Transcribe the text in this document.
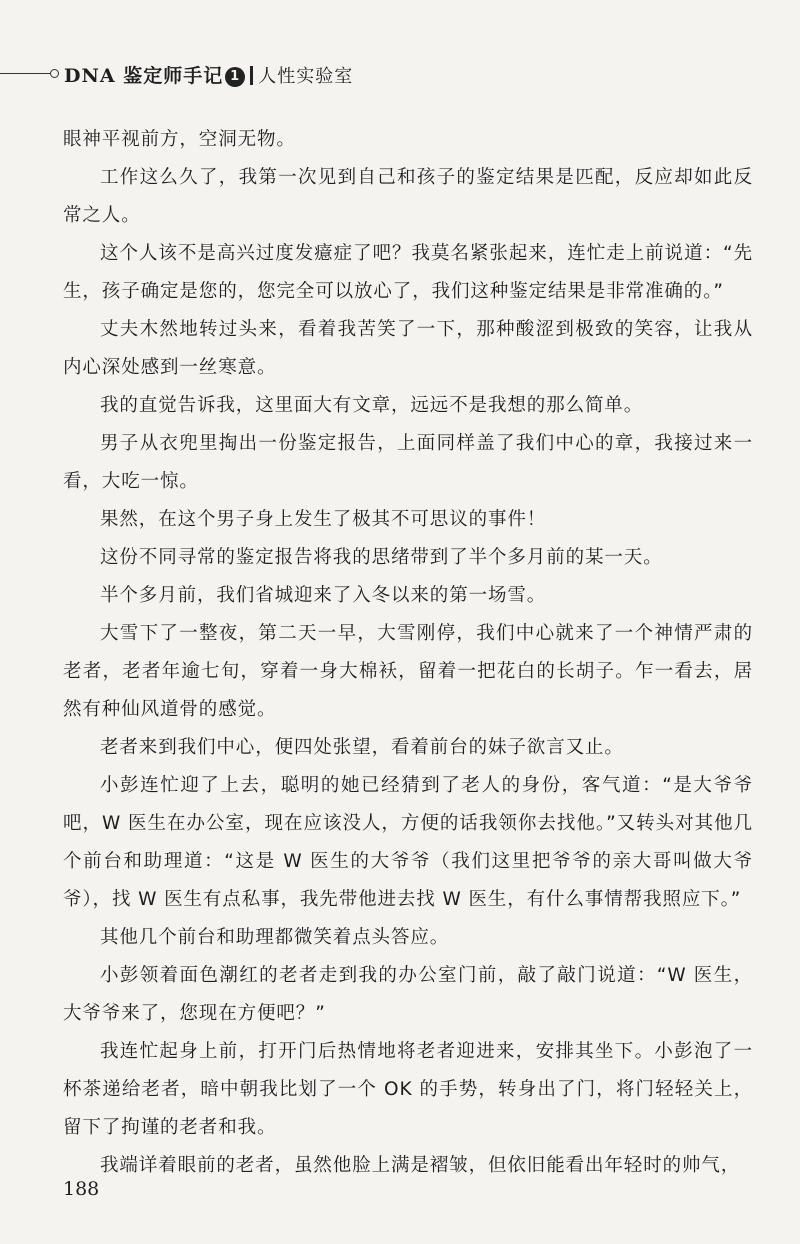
DNA 鉴定师手记 1 人性实验室

眼神平视前方，空洞无物。

工作这么久了，我第一次见到自己和孩子的鉴定结果是匹配，反应却如此反常之人。

这个人该不是高兴过度发癔症了吧？我莫名紧张起来，连忙走上前说道：“先生，孩子确定是您的，您完全可以放心了，我们这种鉴定结果是非常准确的。”

丈夫木然地转过头来，看着我苦笑了一下，那种酸涩到极致的笑容，让我从内心深处感到一丝寒意。

我的直觉告诉我，这里面大有文章，远远不是我想的那么简单。

男子从衣兜里掏出一份鉴定报告，上面同样盖了我们中心的章，我接过来一看，大吃一惊。

果然，在这个男子身上发生了极其不可思议的事件！

这份不同寻常的鉴定报告将我的思绪带到了半个多月前的某一天。

半个多月前，我们省城迎来了入冬以来的第一场雪。

大雪下了一整夜，第二天一早，大雪刚停，我们中心就来了一个神情严肃的老者，老者年逾七旬，穿着一身大棉袄，留着一把花白的长胡子。乍一看去，居然有种仙风道骨的感觉。

老者来到我们中心，便四处张望，看着前台的妹子欲言又止。

小彭连忙迎了上去，聪明的她已经猜到了老人的身份，客气道：“是大爷爷吧，W 医生在办公室，现在应该没人，方便的话我领你去找他。”又转头对其他几个前台和助理道：“这是 W 医生的大爷爷（我们这里把爷爷的亲大哥叫做大爷爷），找 W 医生有点私事，我先带他进去找 W 医生，有什么事情帮我照应下。”

其他几个前台和助理都微笑着点头答应。

小彭领着面色潮红的老者走到我的办公室门前，敲了敲门说道：“W 医生，大爷爷来了，您现在方便吧？”

我连忙起身上前，打开门后热情地将老者迎进来，安排其坐下。小彭泡了一杯茶递给老者，暗中朝我比划了一个 OK 的手势，转身出了门，将门轻轻关上，留下了拘谨的老者和我。

我端详着眼前的老者，虽然他脸上满是褶皱，但依旧能看出年轻时的帅气，

188
